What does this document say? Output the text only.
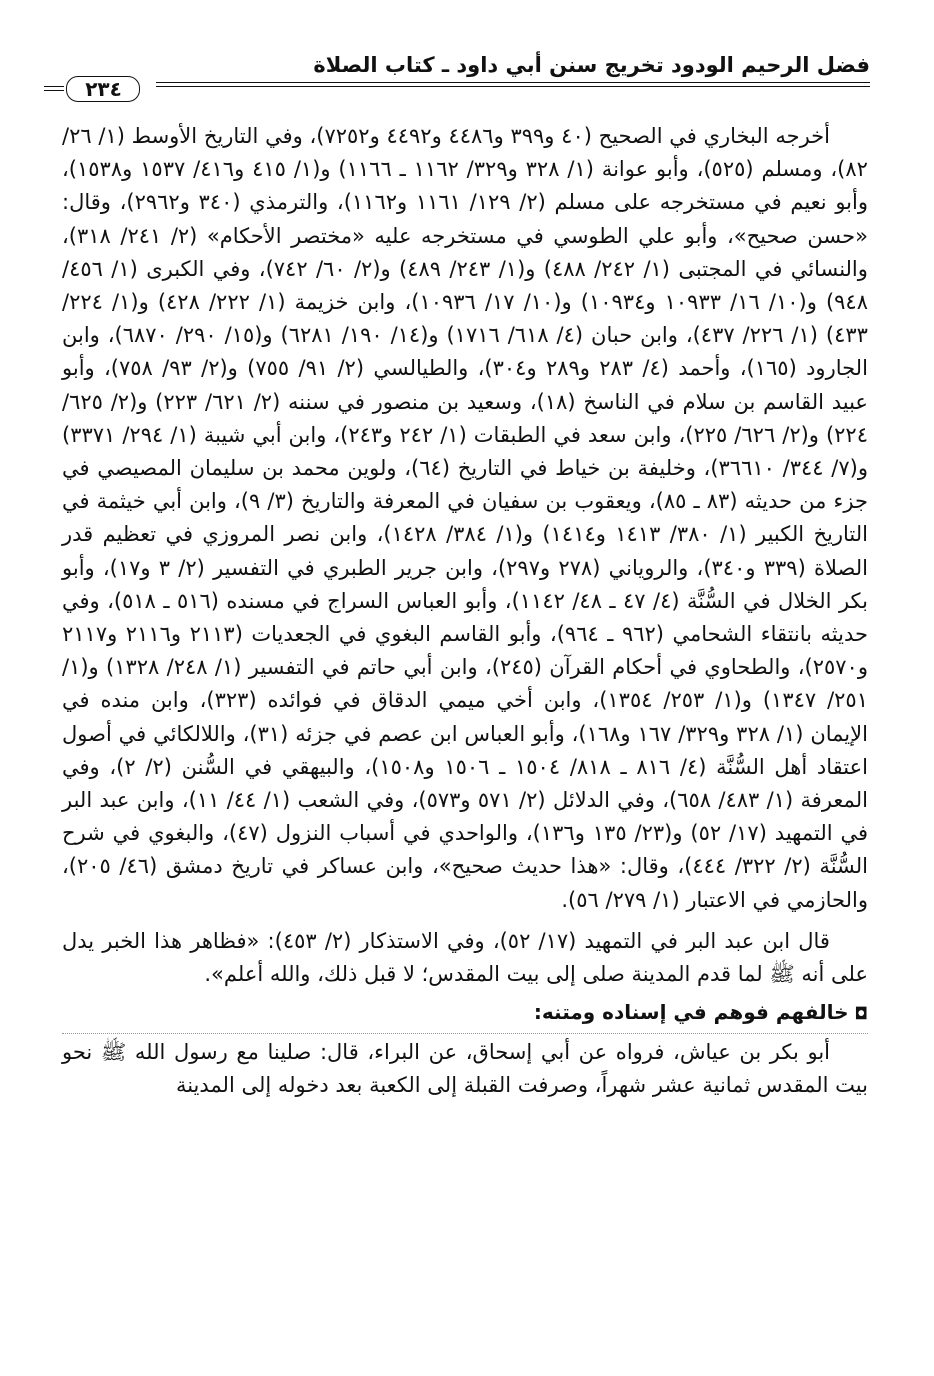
فضل الرحيم الودود تخريج سنن أبي داود ـ كتاب الصلاة
٢٣٤

أخرجه البخاري في الصحيح (٤٠ و٣٩٩ و٤٤٨٦ و٤٤٩٢ و٧٢٥٢)، وفي التاريخ الأوسط (١/ ٢٦/ ٨٢)، ومسلم (٥٢٥)، وأبو عوانة (١/ ٣٢٨ و٣٢٩/ ١١٦٢ ـ ١١٦٦) و(١/ ٤١٥ و٤١٦/ ١٥٣٧ و١٥٣٨)، وأبو نعيم في مستخرجه على مسلم (٢/ ١٢٩/ ١١٦١ و١١٦٢)، والترمذي (٣٤٠ و٢٩٦٢)، وقال: «حسن صحيح»، وأبو علي الطوسي في مستخرجه عليه «مختصر الأحكام» (٢/ ٢٤١/ ٣١٨)، والنسائي في المجتبى (١/ ٢٤٢/ ٤٨٨) و(١/ ٢٤٣/ ٤٨٩) و(٢/ ٦٠/ ٧٤٢)، وفي الكبرى (١/ ٤٥٦/ ٩٤٨) و(١٠/ ١٦/ ١٠٩٣٣ و١٠٩٣٤) و(١٠/ ١٧/ ١٠٩٣٦)، وابن خزيمة (١/ ٢٢٢/ ٤٢٨) و(١/ ٢٢٤/ ٤٣٣) (١/ ٢٢٦/ ٤٣٧)، وابن حبان (٤/ ٦١٨/ ١٧١٦) و(١٤/ ١٩٠/ ٦٢٨١) و(١٥/ ٢٩٠/ ٦٨٧٠)، وابن الجارود (١٦٥)، وأحمد (٤/ ٢٨٣ و٢٨٩ و٣٠٤)، والطيالسي (٢/ ٩١/ ٧٥٥) و(٢/ ٩٣/ ٧٥٨)، وأبو عبيد القاسم بن سلام في الناسخ (١٨)، وسعيد بن منصور في سننه (٢/ ٦٢١/ ٢٢٣) و(٢/ ٦٢٥/ ٢٢٤) و(٢/ ٦٢٦/ ٢٢٥)، وابن سعد في الطبقات (١/ ٢٤٢ و٢٤٣)، وابن أبي شيبة (١/ ٢٩٤/ ٣٣٧١) و(٧/ ٣٤٤/ ٣٦٦١٠)، وخليفة بن خياط في التاريخ (٦٤)، ولوين محمد بن سليمان المصيصي في جزء من حديثه (٨٣ ـ ٨٥)، ويعقوب بن سفيان في المعرفة والتاريخ (٣/ ٩)، وابن أبي خيثمة في التاريخ الكبير (١/ ٣٨٠/ ١٤١٣ و١٤١٤) و(١/ ٣٨٤/ ١٤٢٨)، وابن نصر المروزي في تعظيم قدر الصلاة (٣٣٩ و٣٤٠)، والروياني (٢٧٨ و٢٩٧)، وابن جرير الطبري في التفسير (٢/ ٣ و١٧)، وأبو بكر الخلال في السُّنَّة (٤/ ٤٧ ـ ٤٨/ ١١٤٢)، وأبو العباس السراج في مسنده (٥١٦ ـ ٥١٨)، وفي حديثه بانتقاء الشحامي (٩٦٢ ـ ٩٦٤)، وأبو القاسم البغوي في الجعديات (٢١١٣ و٢١١٦ و٢١١٧ و٢٥٧٠)، والطحاوي في أحكام القرآن (٢٤٥)، وابن أبي حاتم في التفسير (١/ ٢٤٨/ ١٣٢٨) و(١/ ٢٥١/ ١٣٤٧) و(١/ ٢٥٣/ ١٣٥٤)، وابن أخي ميمي الدقاق في فوائده (٣٢٣)، وابن منده في الإيمان (١/ ٣٢٨ و٣٢٩/ ١٦٧ و١٦٨)، وأبو العباس ابن عصم في جزئه (٣١)، واللالكائي في أصول اعتقاد أهل السُّنَّة (٤/ ٨١٦ ـ ٨١٨/ ١٥٠٤ ـ ١٥٠٦ و١٥٠٨)، والبيهقي في السُّنن (٢/ ٢)، وفي المعرفة (١/ ٤٨٣/ ٦٥٨)، وفي الدلائل (٢/ ٥٧١ و٥٧٣)، وفي الشعب (١/ ٤٤/ ١١)، وابن عبد البر في التمهيد (١٧/ ٥٢) و(٢٣/ ١٣٥ و١٣٦)، والواحدي في أسباب النزول (٤٧)، والبغوي في شرح السُّنَّة (٢/ ٣٢٢/ ٤٤٤)، وقال: «هذا حديث صحيح»، وابن عساكر في تاريخ دمشق (٤٦/ ٢٠٥)، والحازمي في الاعتبار (١/ ٢٧٩/ ٥٦).

قال ابن عبد البر في التمهيد (١٧/ ٥٢)، وفي الاستذكار (٢/ ٤٥٣): «فظاهر هذا الخبر يدل على أنه ﷺ لما قدم المدينة صلى إلى بيت المقدس؛ لا قبل ذلك، والله أعلم».

◘خالفهم فوهم في إسناده ومتنه:

أبو بكر بن عياش، فرواه عن أبي إسحاق، عن البراء، قال: صلينا مع رسول الله ﷺ نحو بيت المقدس ثمانية عشر شهراً، وصرفت القبلة إلى الكعبة بعد دخوله إلى المدينة
